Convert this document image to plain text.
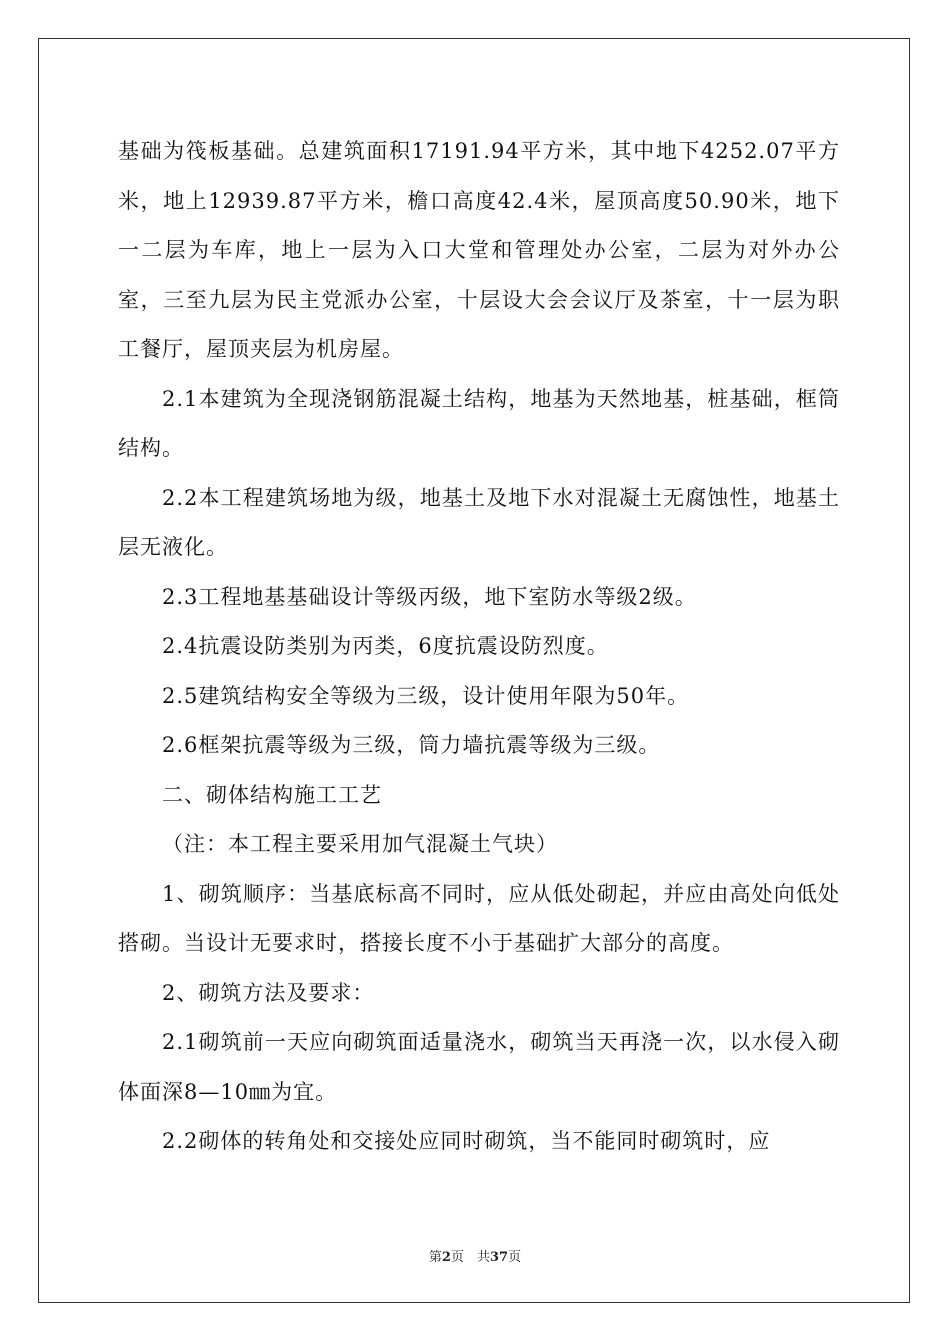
基础为筏板基础。总建筑面积17191.94平方米，其中地下4252.07平方米，地上12939.87平方米，檐口高度42.4米，屋顶高度50.90米，地下一二层为车库，地上一层为入口大堂和管理处办公室，二层为对外办公室，三至九层为民主党派办公室，十层设大会会议厅及茶室，十一层为职工餐厅，屋顶夹层为机房屋。

2.1本建筑为全现浇钢筋混凝土结构，地基为天然地基，桩基础，框筒结构。

2.2本工程建筑场地为级，地基土及地下水对混凝土无腐蚀性，地基土层无液化。

2.3工程地基基础设计等级丙级，地下室防水等级2级。

2.4抗震设防类别为丙类，6度抗震设防烈度。

2.5建筑结构安全等级为三级，设计使用年限为50年。

2.6框架抗震等级为三级，筒力墙抗震等级为三级。

二、砌体结构施工工艺

（注：本工程主要采用加气混凝土气块）

1、砌筑顺序：当基底标高不同时，应从低处砌起，并应由高处向低处搭砌。当设计无要求时，搭接长度不小于基础扩大部分的高度。

2、砌筑方法及要求：

2.1砌筑前一天应向砌筑面适量浇水，砌筑当天再浇一次，以水侵入砌体面深8—10㎜为宜。

2.2砌体的转角处和交接处应同时砌筑，当不能同时砌筑时，应

第2页　共37页
